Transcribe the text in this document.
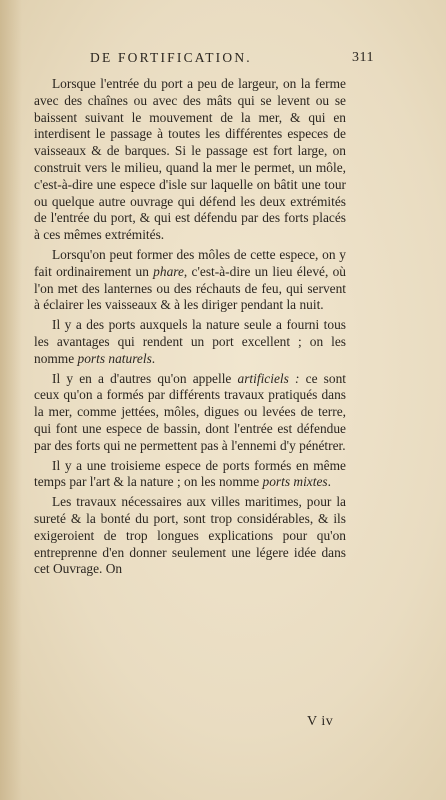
DE FORTIFICATION.	311

Lorsque l'entrée du port a peu de largeur, on la ferme avec des chaînes ou avec des mâts qui se levent ou se baissent suivant le mouvement de la mer, & qui en interdisent le passage à toutes les différentes especes de vaisseaux & de barques. Si le passage est fort large, on construit vers le milieu, quand la mer le permet, un môle, c'est-à-dire une espece d'isle sur laquelle on bâtit une tour ou quelque autre ouvrage qui défend les deux extrémités de l'entrée du port, & qui est défendu par des forts placés à ces mêmes extrémités.

Lorsqu'on peut former des môles de cette espece, on y fait ordinairement un phare, c'est-à-dire un lieu élevé, où l'on met des lanternes ou des réchauts de feu, qui servent à éclairer les vaisseaux & à les diriger pendant la nuit.

Il y a des ports auxquels la nature seule a fourni tous les avantages qui rendent un port excellent ; on les nomme ports naturels.

Il y en a d'autres qu'on appelle artificiels : ce sont ceux qu'on a formés par différents travaux pratiqués dans la mer, comme jettées, môles, digues ou levées de terre, qui font une espece de bassin, dont l'entrée est défendue par des forts qui ne permettent pas à l'ennemi d'y pénétrer.

Il y a une troisieme espece de ports formés en même temps par l'art & la nature ; on les nomme ports mixtes.

Les travaux nécessaires aux villes maritimes, pour la sureté & la bonté du port, sont trop considérables, & ils exigeroient de trop longues explications pour qu'on entreprenne d'en donner seulement une légere idée dans cet Ouvrage. On

V iv
